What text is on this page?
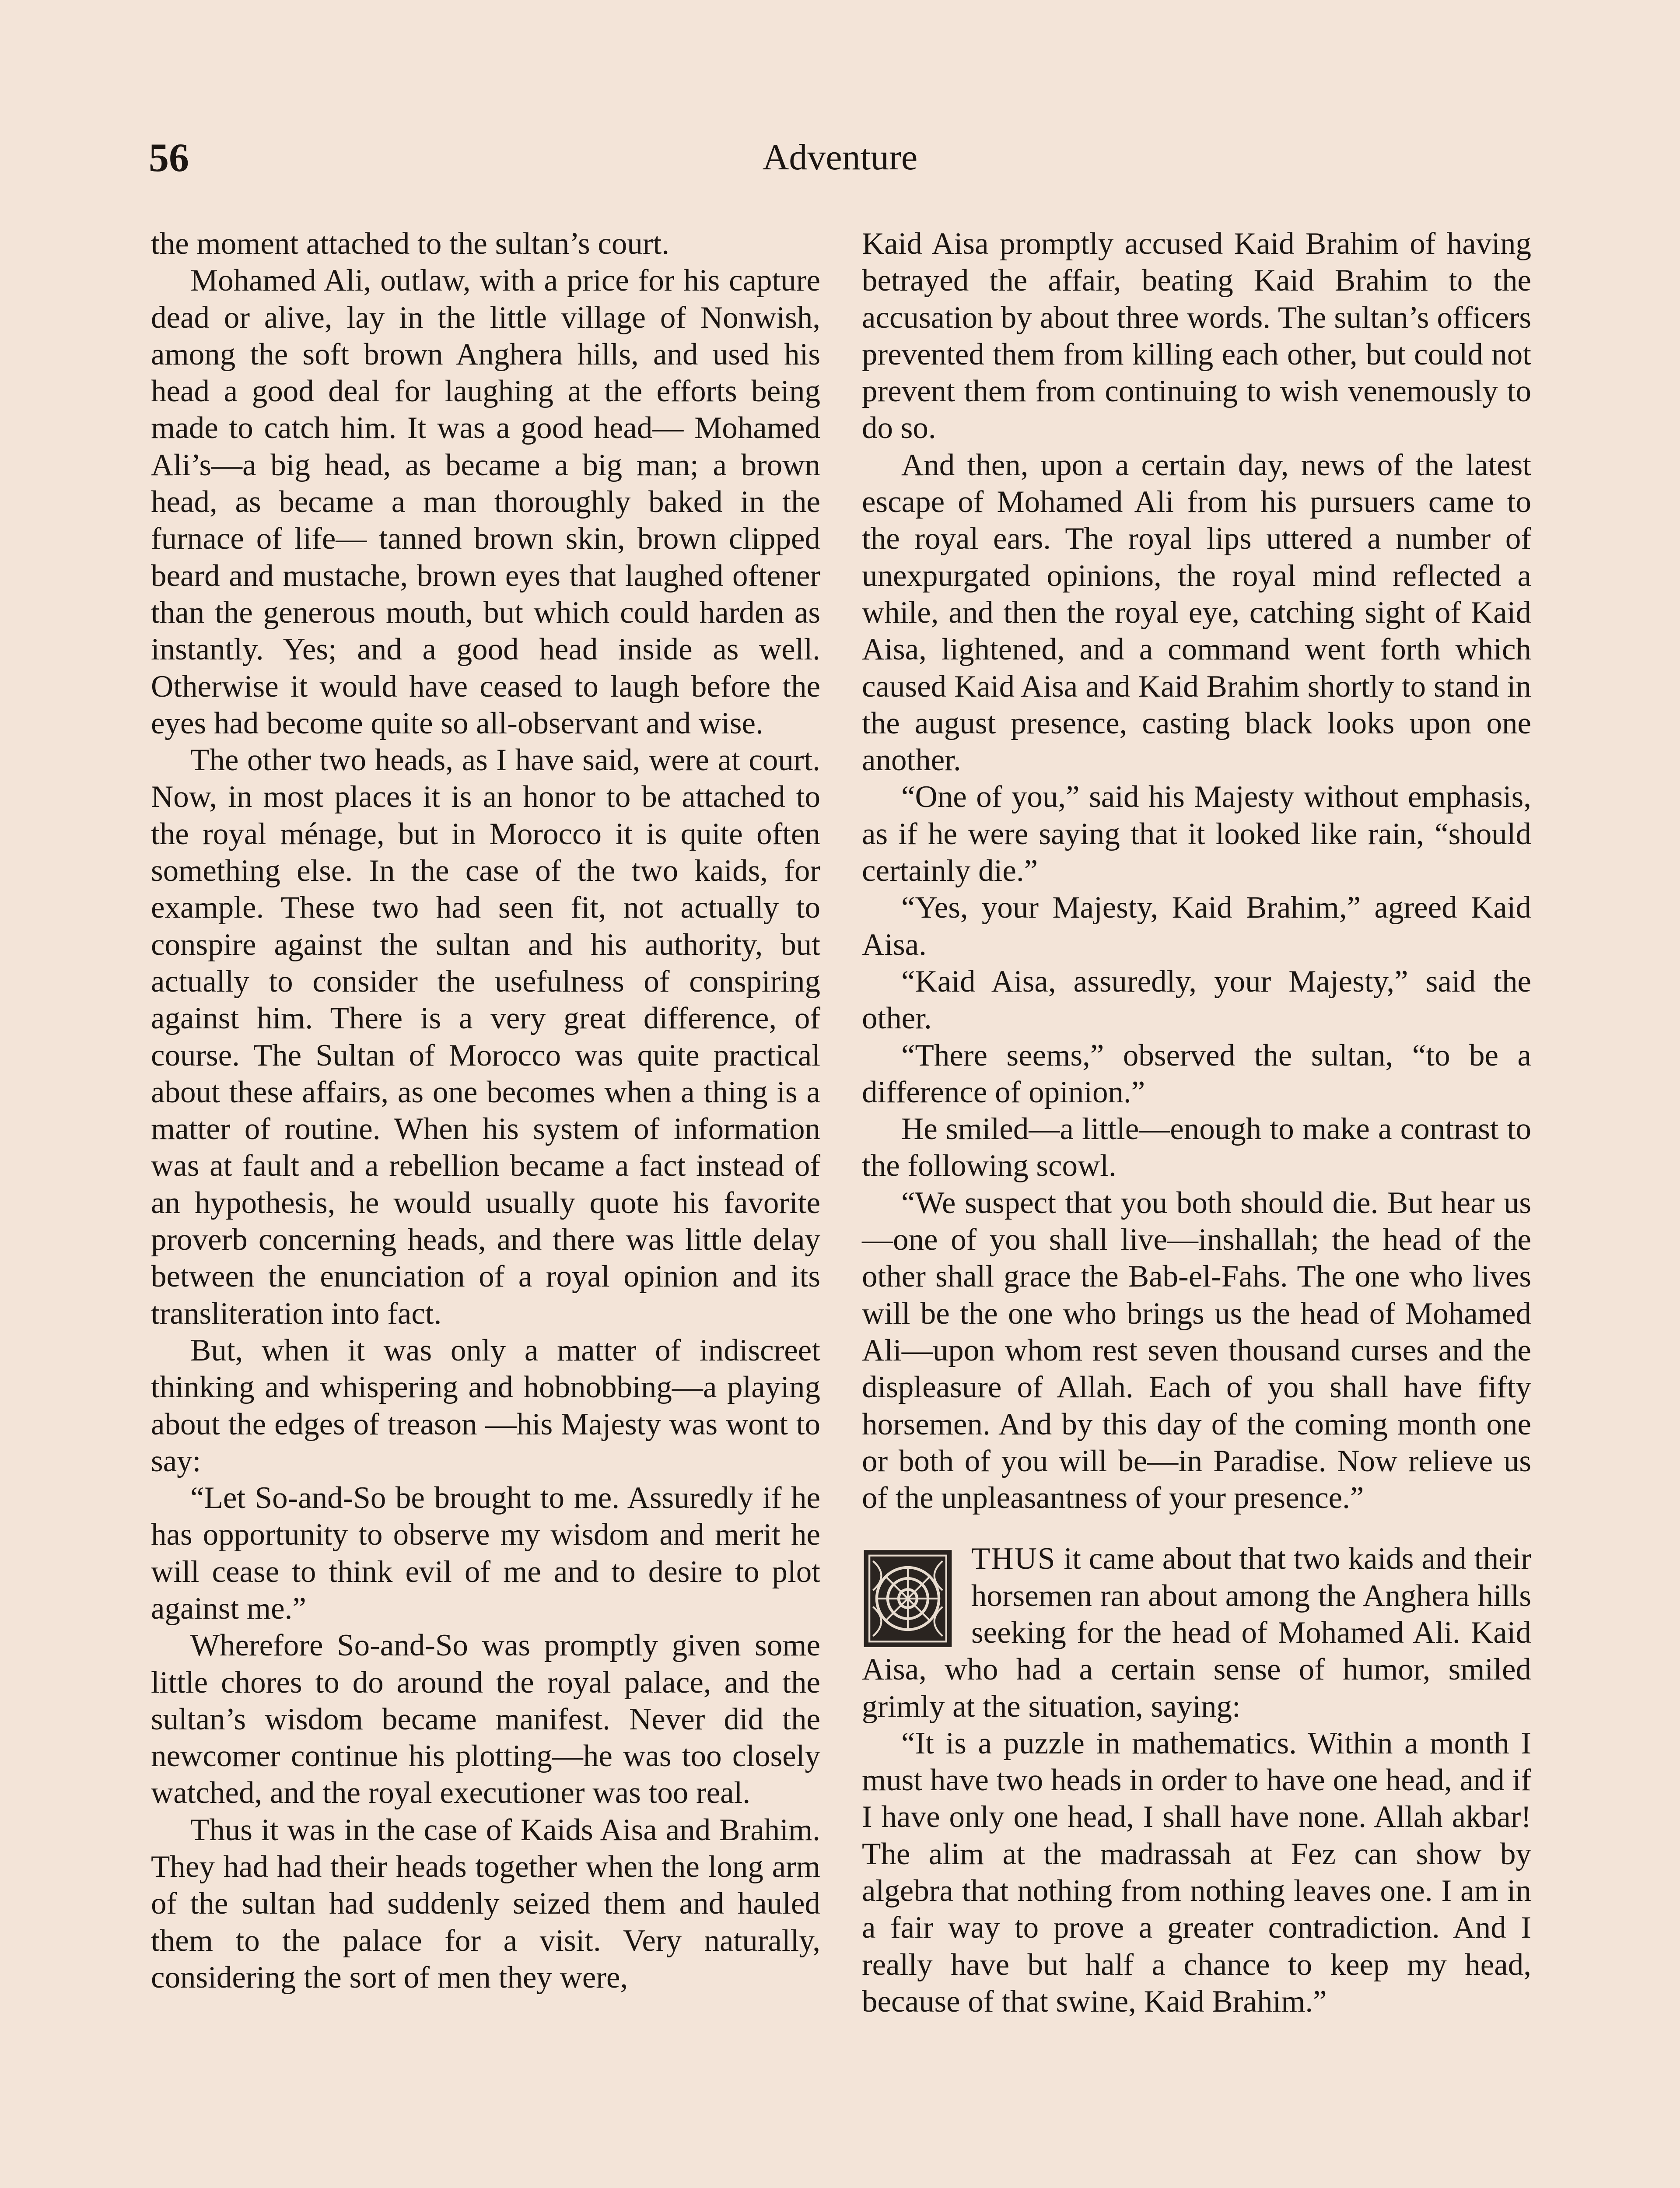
56	Adventure

the moment attached to the sultan’s court.

Mohamed Ali, outlaw, with a price for his capture dead or alive, lay in the little village of Nonwish, among the soft brown Anghera hills, and used his head a good deal for laughing at the efforts being made to catch him. It was a good head— Mohamed Ali’s—a big head, as became a big man; a brown head, as became a man thoroughly baked in the furnace of life— tanned brown skin, brown clipped beard and mustache, brown eyes that laughed oftener than the generous mouth, but which could harden as instantly. Yes; and a good head inside as well. Otherwise it would have ceased to laugh before the eyes had become quite so all-observant and wise.

The other two heads, as I have said, were at court. Now, in most places it is an honor to be attached to the royal ménage, but in Morocco it is quite often something else. In the case of the two kaids, for example. These two had seen fit, not actually to conspire against the sultan and his authority, but actually to consider the usefulness of conspiring against him. There is a very great difference, of course. The Sultan of Morocco was quite practical about these affairs, as one becomes when a thing is a matter of routine. When his system of information was at fault and a rebellion became a fact instead of an hypothesis, he would usually quote his favorite proverb concerning heads, and there was little delay between the enunciation of a royal opinion and its transliteration into fact.

But, when it was only a matter of indiscreet thinking and whispering and hobnobbing—a playing about the edges of treason —his Majesty was wont to say:

“Let So-and-So be brought to me. Assuredly if he has opportunity to observe my wisdom and merit he will cease to think evil of me and to desire to plot against me.”

Wherefore So-and-So was promptly given some little chores to do around the royal palace, and the sultan’s wisdom became manifest. Never did the newcomer continue his plotting—he was too closely watched, and the royal executioner was too real.

Thus it was in the case of Kaids Aisa and Brahim. They had had their heads together when the long arm of the sultan had suddenly seized them and hauled them to the palace for a visit. Very naturally, considering the sort of men they were,

Kaid Aisa promptly accused Kaid Brahim of having betrayed the affair, beating Kaid Brahim to the accusation by about three words. The sultan’s officers prevented them from killing each other, but could not prevent them from continuing to wish venemously to do so.

And then, upon a certain day, news of the latest escape of Mohamed Ali from his pursuers came to the royal ears. The royal lips uttered a number of unexpurgated opinions, the royal mind reflected a while, and then the royal eye, catching sight of Kaid Aisa, lightened, and a command went forth which caused Kaid Aisa and Kaid Brahim shortly to stand in the august presence, casting black looks upon one another.

“One of you,” said his Majesty without emphasis, as if he were saying that it looked like rain, “should certainly die.”

“Yes, your Majesty, Kaid Brahim,” agreed Kaid Aisa.

“Kaid Aisa, assuredly, your Majesty,” said the other.

“There seems,” observed the sultan, “to be a difference of opinion.”

He smiled—a little—enough to make a contrast to the following scowl.

“We suspect that you both should die. But hear us—one of you shall live—inshallah; the head of the other shall grace the Bab-el-Fahs. The one who lives will be the one who brings us the head of Mohamed Ali—upon whom rest seven thousand curses and the displeasure of Allah. Each of you shall have fifty horsemen. And by this day of the coming month one or both of you will be—in Paradise. Now relieve us of the unpleasantness of your presence.”

THUS it came about that two kaids and their horsemen ran about among the Anghera hills seeking for the head of Mohamed Ali. Kaid Aisa, who had a certain sense of humor, smiled grimly at the situation, saying:

“It is a puzzle in mathematics. Within a month I must have two heads in order to have one head, and if I have only one head, I shall have none. Allah akbar! The alim at the madrassah at Fez can show by algebra that nothing from nothing leaves one. I am in a fair way to prove a greater contradiction. And I really have but half a chance to keep my head, because of that swine, Kaid Brahim.”
